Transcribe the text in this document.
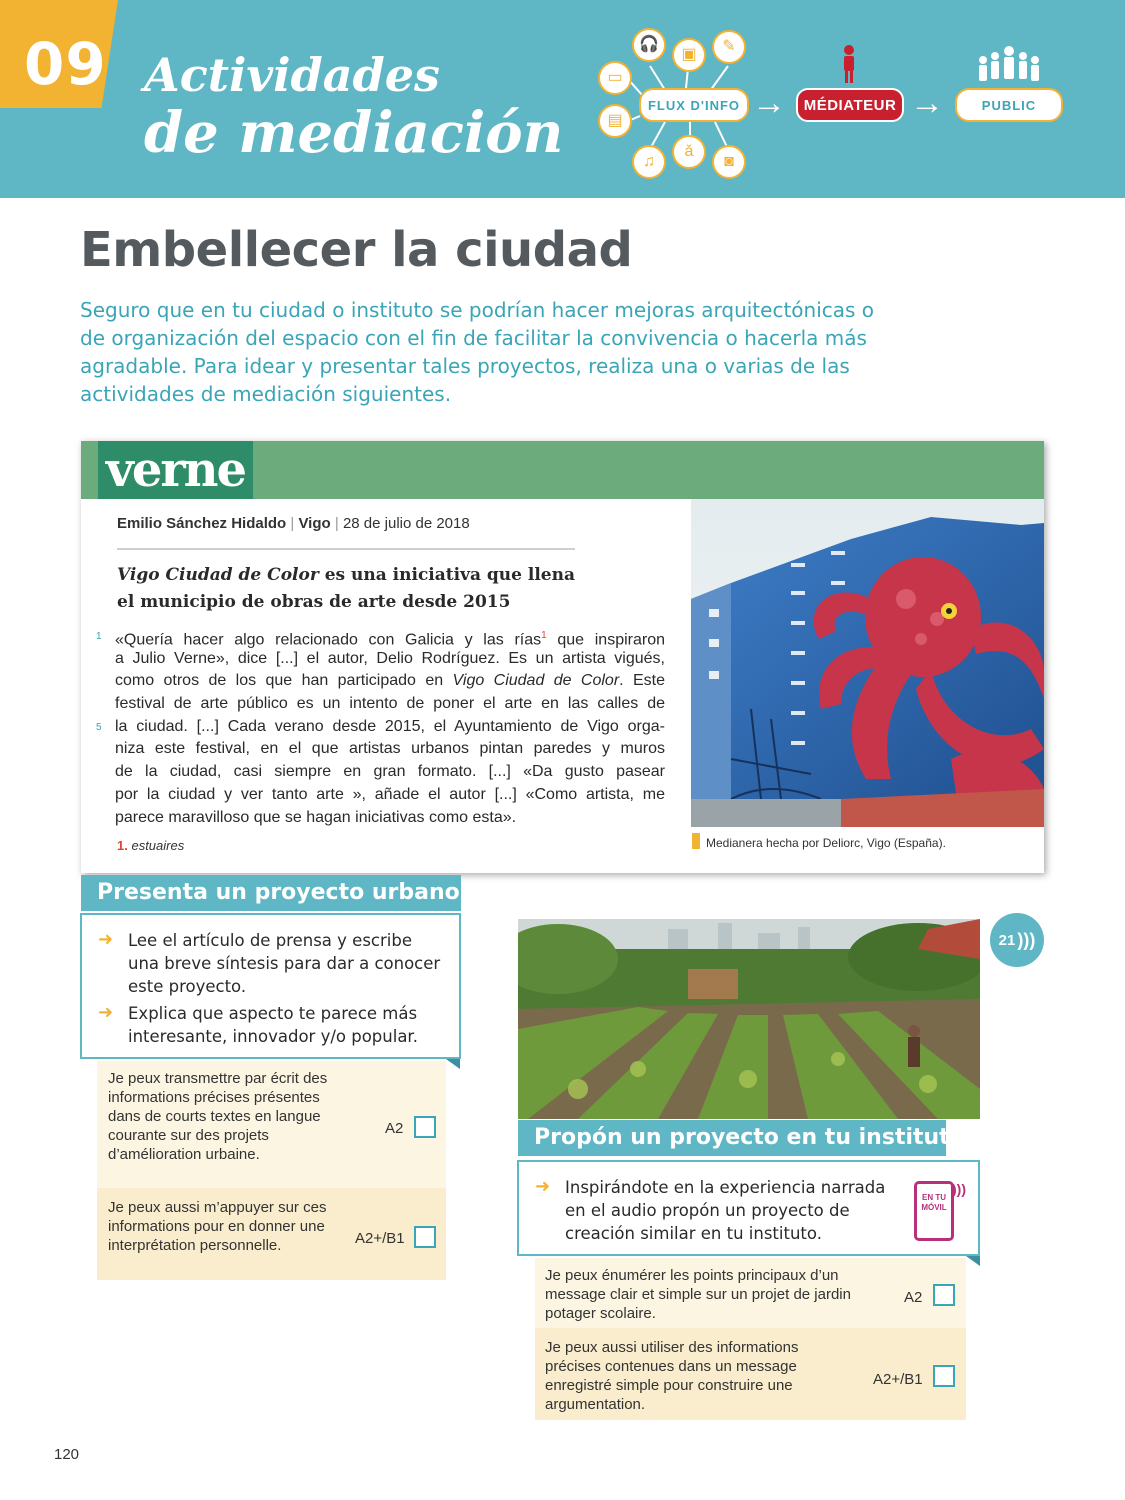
09 Actividades
de mediación
🎧
▣	✎
▭
▤
♫
ǎ
◙
FLUX D'INFO →	MÉDIATEUR →	PUBLIC
Embellecer la ciudad
Seguro que en tu ciudad o instituto se podrían hacer mejoras arquitectónicas o de organización del espacio con el fin de facilitar la convivencia o hacerla más agradable. Para idear y presentar tales proyectos, realiza una o varias de las actividades de mediación siguientes.
verne
Emilio Sánchez Hidaldo | Vigo | 28 de julio de 2018
Vigo Ciudad de Color es una iniciativa que llena
el municipio de obras de arte desde 2015
1
5
«Quería hacer algo relacionado con Galicia y las rías$^1$ que inspiraron
a Julio Verne», dice [...] el autor, Delio Rodríguez. Es un artista vigués,
como otros de los que han participado en Vigo Ciudad de Color. Este
festival de arte público es un intento de poner el arte en las calles de
la ciudad. [...] Cada verano desde 2015, el Ayuntamiento de Vigo orga-
niza este festival, en el que artistas urbanos pintan paredes y muros
de la ciudad, casi siempre en gran formato. [...] «Da gusto pasear
por la ciudad y ver tanto arte », añade el autor [...] «Como artista, me
parece maravilloso que se hagan iniciativas como esta».
1. estuaires	Medianera hecha por Deliorc, Vigo (España).
Presenta un proyecto urbano
➜ Lee el artículo de prensa y escribe una breve síntesis para dar a conocer este proyecto.
➜ Explica que aspecto te parece más interesante, innovador y/o popular.
Je peux transmettre par écrit des informations précises présentes dans de courts textes en langue courante sur des projets d’amélioration urbaine.
A2
Je peux aussi m’appuyer sur ces informations pour en donner une interprétation personnelle.	A2+/B1
21 )))
Propón un proyecto en tu instituto
➜ Inspirándote en la experiencia narrada en el audio propón un proyecto de creación similar en tu instituto.
EN TU
MÓVIL
)))
Je peux énumérer les points principaux d’un message clair et simple sur un projet de jardin potager scolaire.
A2
Je peux aussi utiliser des informations précises contenues dans un message enregistré simple pour construire une argumentation.
A2+/B1
120
